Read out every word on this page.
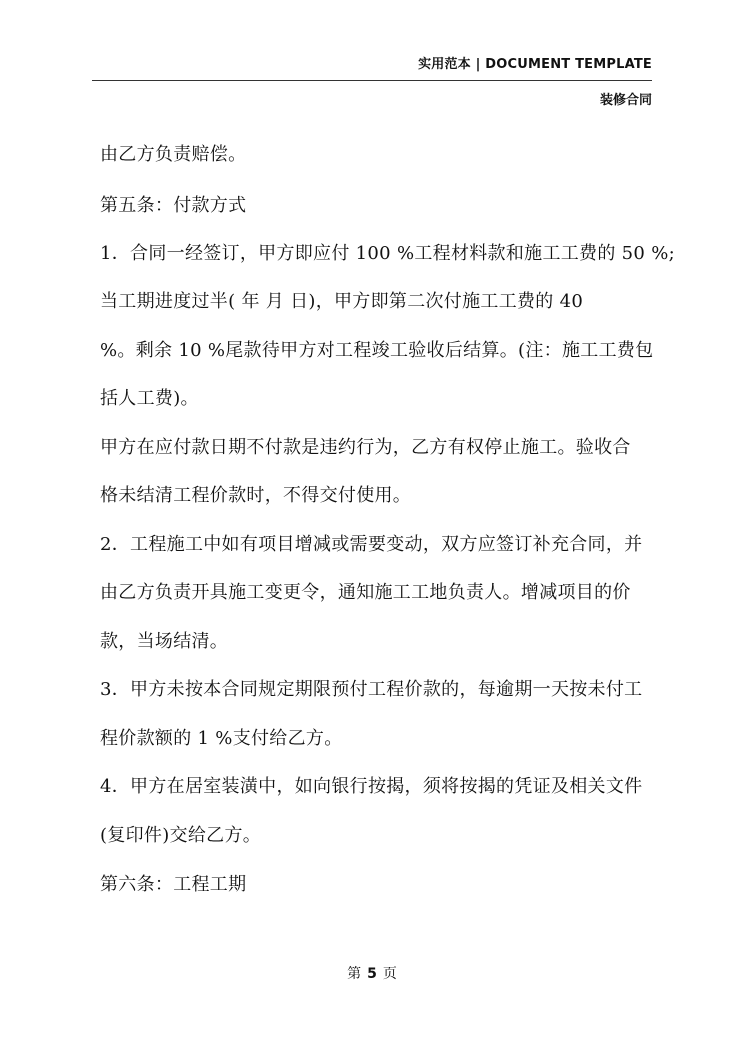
实用范本 | DOCUMENT TEMPLATE
装修合同
由乙方负责赔偿。
第五条：付款方式
1．合同一经签订，甲方即应付 100 %工程材料款和施工工费的 50 %;
当工期进度过半( 年 月 日)，甲方即第二次付施工工费的 40
%。剩余 10 %尾款待甲方对工程竣工验收后结算。(注：施工工费包
括人工费)。
甲方在应付款日期不付款是违约行为，乙方有权停止施工。验收合
格未结清工程价款时，不得交付使用。
2．工程施工中如有项目增减或需要变动，双方应签订补充合同，并
由乙方负责开具施工变更令，通知施工工地负责人。增减项目的价
款，当场结清。
3．甲方未按本合同规定期限预付工程价款的，每逾期一天按未付工
程价款额的 1 %支付给乙方。
4．甲方在居室装潢中，如向银行按揭，须将按揭的凭证及相关文件
(复印件)交给乙方。
第六条：工程工期
第 5 页
